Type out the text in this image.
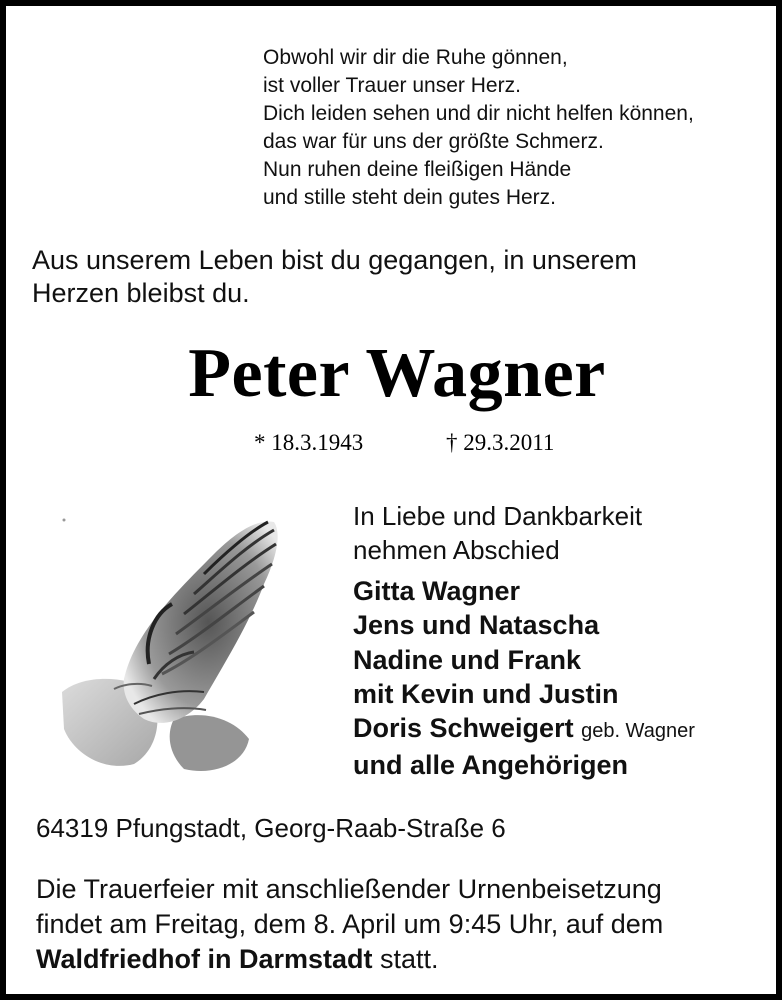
Obwohl wir dir die Ruhe gönnen,
ist voller Trauer unser Herz.
Dich leiden sehen und dir nicht helfen können,
das war für uns der größte Schmerz.
Nun ruhen deine fleißigen Hände
und stille steht dein gutes Herz.
Aus unserem Leben bist du gegangen, in unserem
Herzen bleibst du.
Peter Wagner
* 18.3.1943	† 29.3.2011
In Liebe und Dankbarkeit
nehmen Abschied
Gitta Wagner
Jens und Natascha
Nadine und Frank
mit Kevin und Justin
Doris Schweigert geb. Wagner
und alle Angehörigen
64319 Pfungstadt, Georg-Raab-Straße 6
Die Trauerfeier mit anschließender Urnenbeisetzung
findet am Freitag, dem 8. April um 9:45 Uhr, auf dem
Waldfriedhof in Darmstadt statt.
